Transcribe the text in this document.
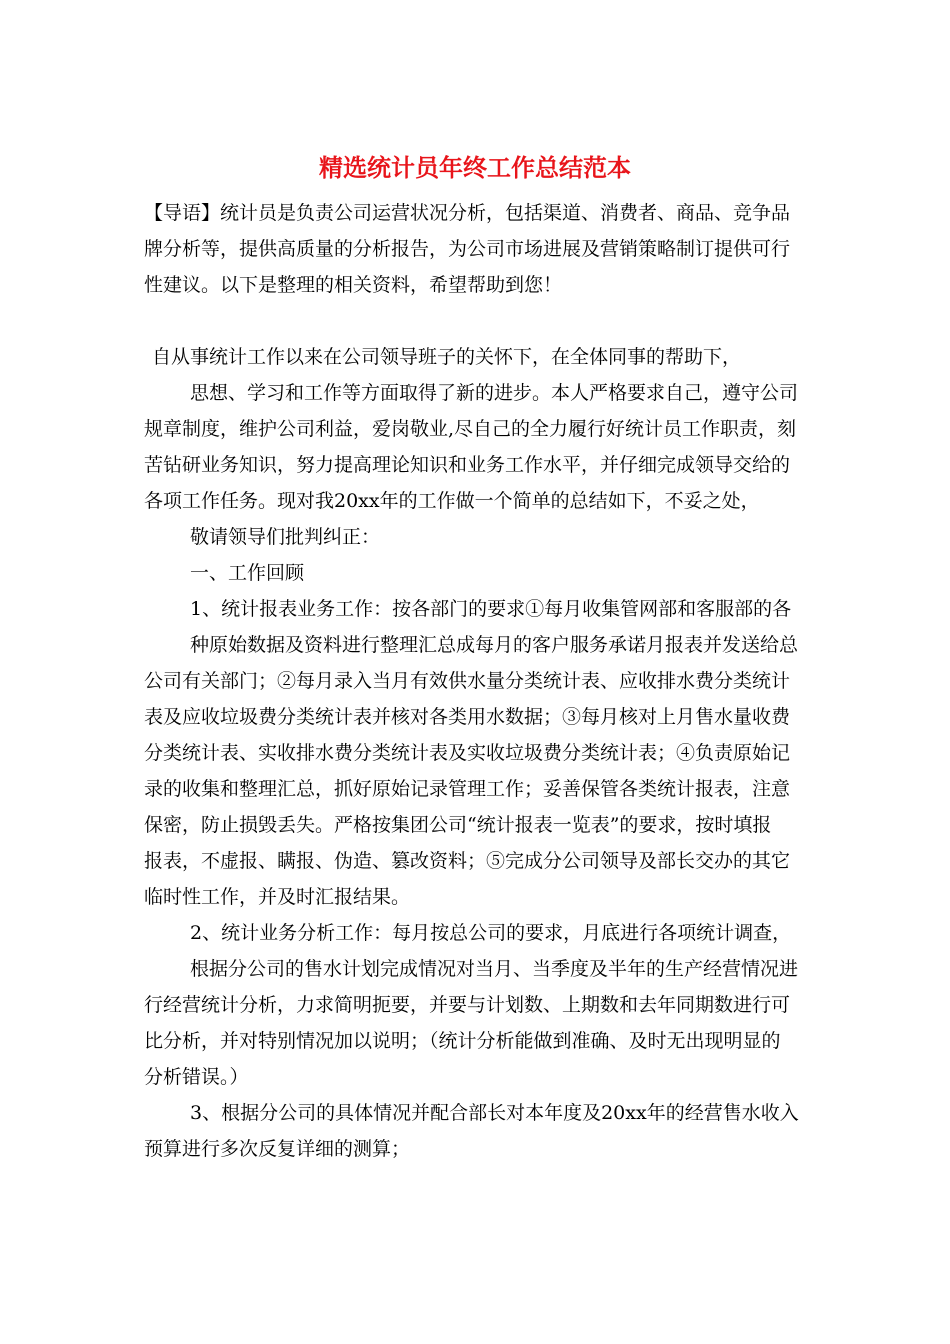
精选统计员年终工作总结范本
【导语】统计员是负责公司运营状况分析，包括渠道、消费者、商品、竞争品
牌分析等，提供高质量的分析报告，为公司市场进展及营销策略制订提供可行
性建议。以下是整理的相关资料，希望帮助到您！
自从事统计工作以来在公司领导班子的关怀下，在全体同事的帮助下，
思想、学习和工作等方面取得了新的进步。本人严格要求自己，遵守公司
规章制度，维护公司利益，爱岗敬业,尽自己的全力履行好统计员工作职责，刻
苦钻研业务知识，努力提高理论知识和业务工作水平，并仔细完成领导交给的
各项工作任务。现对我20xx年的工作做一个简单的总结如下，不妥之处，
敬请领导们批判纠正：
一、工作回顾
1、统计报表业务工作：按各部门的要求①每月收集管网部和客服部的各
种原始数据及资料进行整理汇总成每月的客户服务承诺月报表并发送给总
公司有关部门；②每月录入当月有效供水量分类统计表、应收排水费分类统计
表及应收垃圾费分类统计表并核对各类用水数据；③每月核对上月售水量收费
分类统计表、实收排水费分类统计表及实收垃圾费分类统计表；④负责原始记
录的收集和整理汇总，抓好原始记录管理工作；妥善保管各类统计报表，注意
保密，防止损毁丢失。严格按集团公司“统计报表一览表”的要求，按时填报
报表，不虚报、瞒报、伪造、篡改资料；⑤完成分公司领导及部长交办的其它
临时性工作，并及时汇报结果。
2、统计业务分析工作：每月按总公司的要求，月底进行各项统计调查，
根据分公司的售水计划完成情况对当月、当季度及半年的生产经营情况进
行经营统计分析，力求简明扼要，并要与计划数、上期数和去年同期数进行可
比分析，并对特别情况加以说明；（统计分析能做到准确、及时无出现明显的
分析错误。）
3、根据分公司的具体情况并配合部长对本年度及20xx年的经营售水收入
预算进行多次反复详细的测算；
